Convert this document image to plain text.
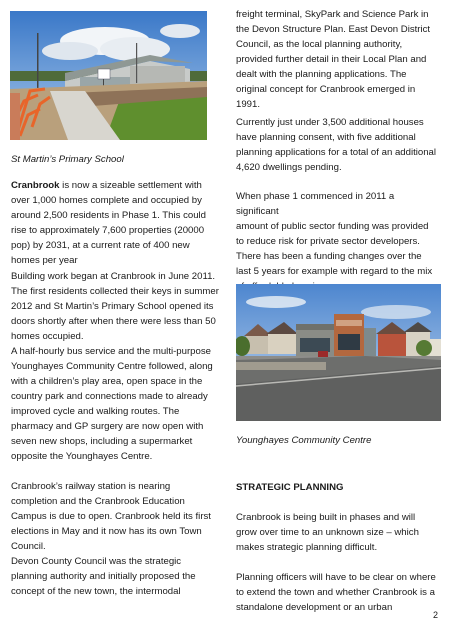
St Martin’s Primary School

Cranbrook is now a sizeable settlement with over 1,000 homes complete and occupied by around 2,500 residents in Phase 1. This could rise to approximately 7,600 properties (20000 pop) by 2031, at a current rate of 400 new homes per year

Building work began at Cranbrook in June 2011. The first residents collected their keys in summer 2012 and St Martin’s Primary School opened its doors shortly after when there were less than 50 homes occupied.

A half-hourly bus service and the multi-purpose Younghayes Community Centre followed, along with a children’s play area, open space in the country park and connections made to already improved cycle and walking routes. The pharmacy and GP surgery are now open with seven new shops, including a supermarket opposite the Younghayes Centre.

Cranbrook’s railway station is nearing completion and the Cranbrook Education Campus is due to open. Cranbrook held its first elections in May and it now has its own Town Council.

Devon County Council was the strategic planning authority and initially proposed the concept of the new town, the intermodal

freight terminal, SkyPark and Science Park in the Devon Structure Plan. East Devon District Council, as the local planning authority, provided further detail in their Local Plan and dealt with the planning applications. The original concept for Cranbrook emerged in 1991.

Currently just under 3,500 additional houses have planning consent, with five additional planning applications for a total of an additional 4,620 dwellings pending.

When phase 1 commenced in 2011 a significant

amount of public sector funding was provided to reduce risk for private sector developers. There has been a funding changes over the last 5 years for example with regard to the mix

Younghayes Community Centre

STRATEGIC PLANNING

Cranbrook is being built in phases and will grow over time to an unknown size – which makes strategic planning difficult.

Planning officers will have to be clear on where to extend the town and whether Cranbrook is a standalone development or an urban

2
